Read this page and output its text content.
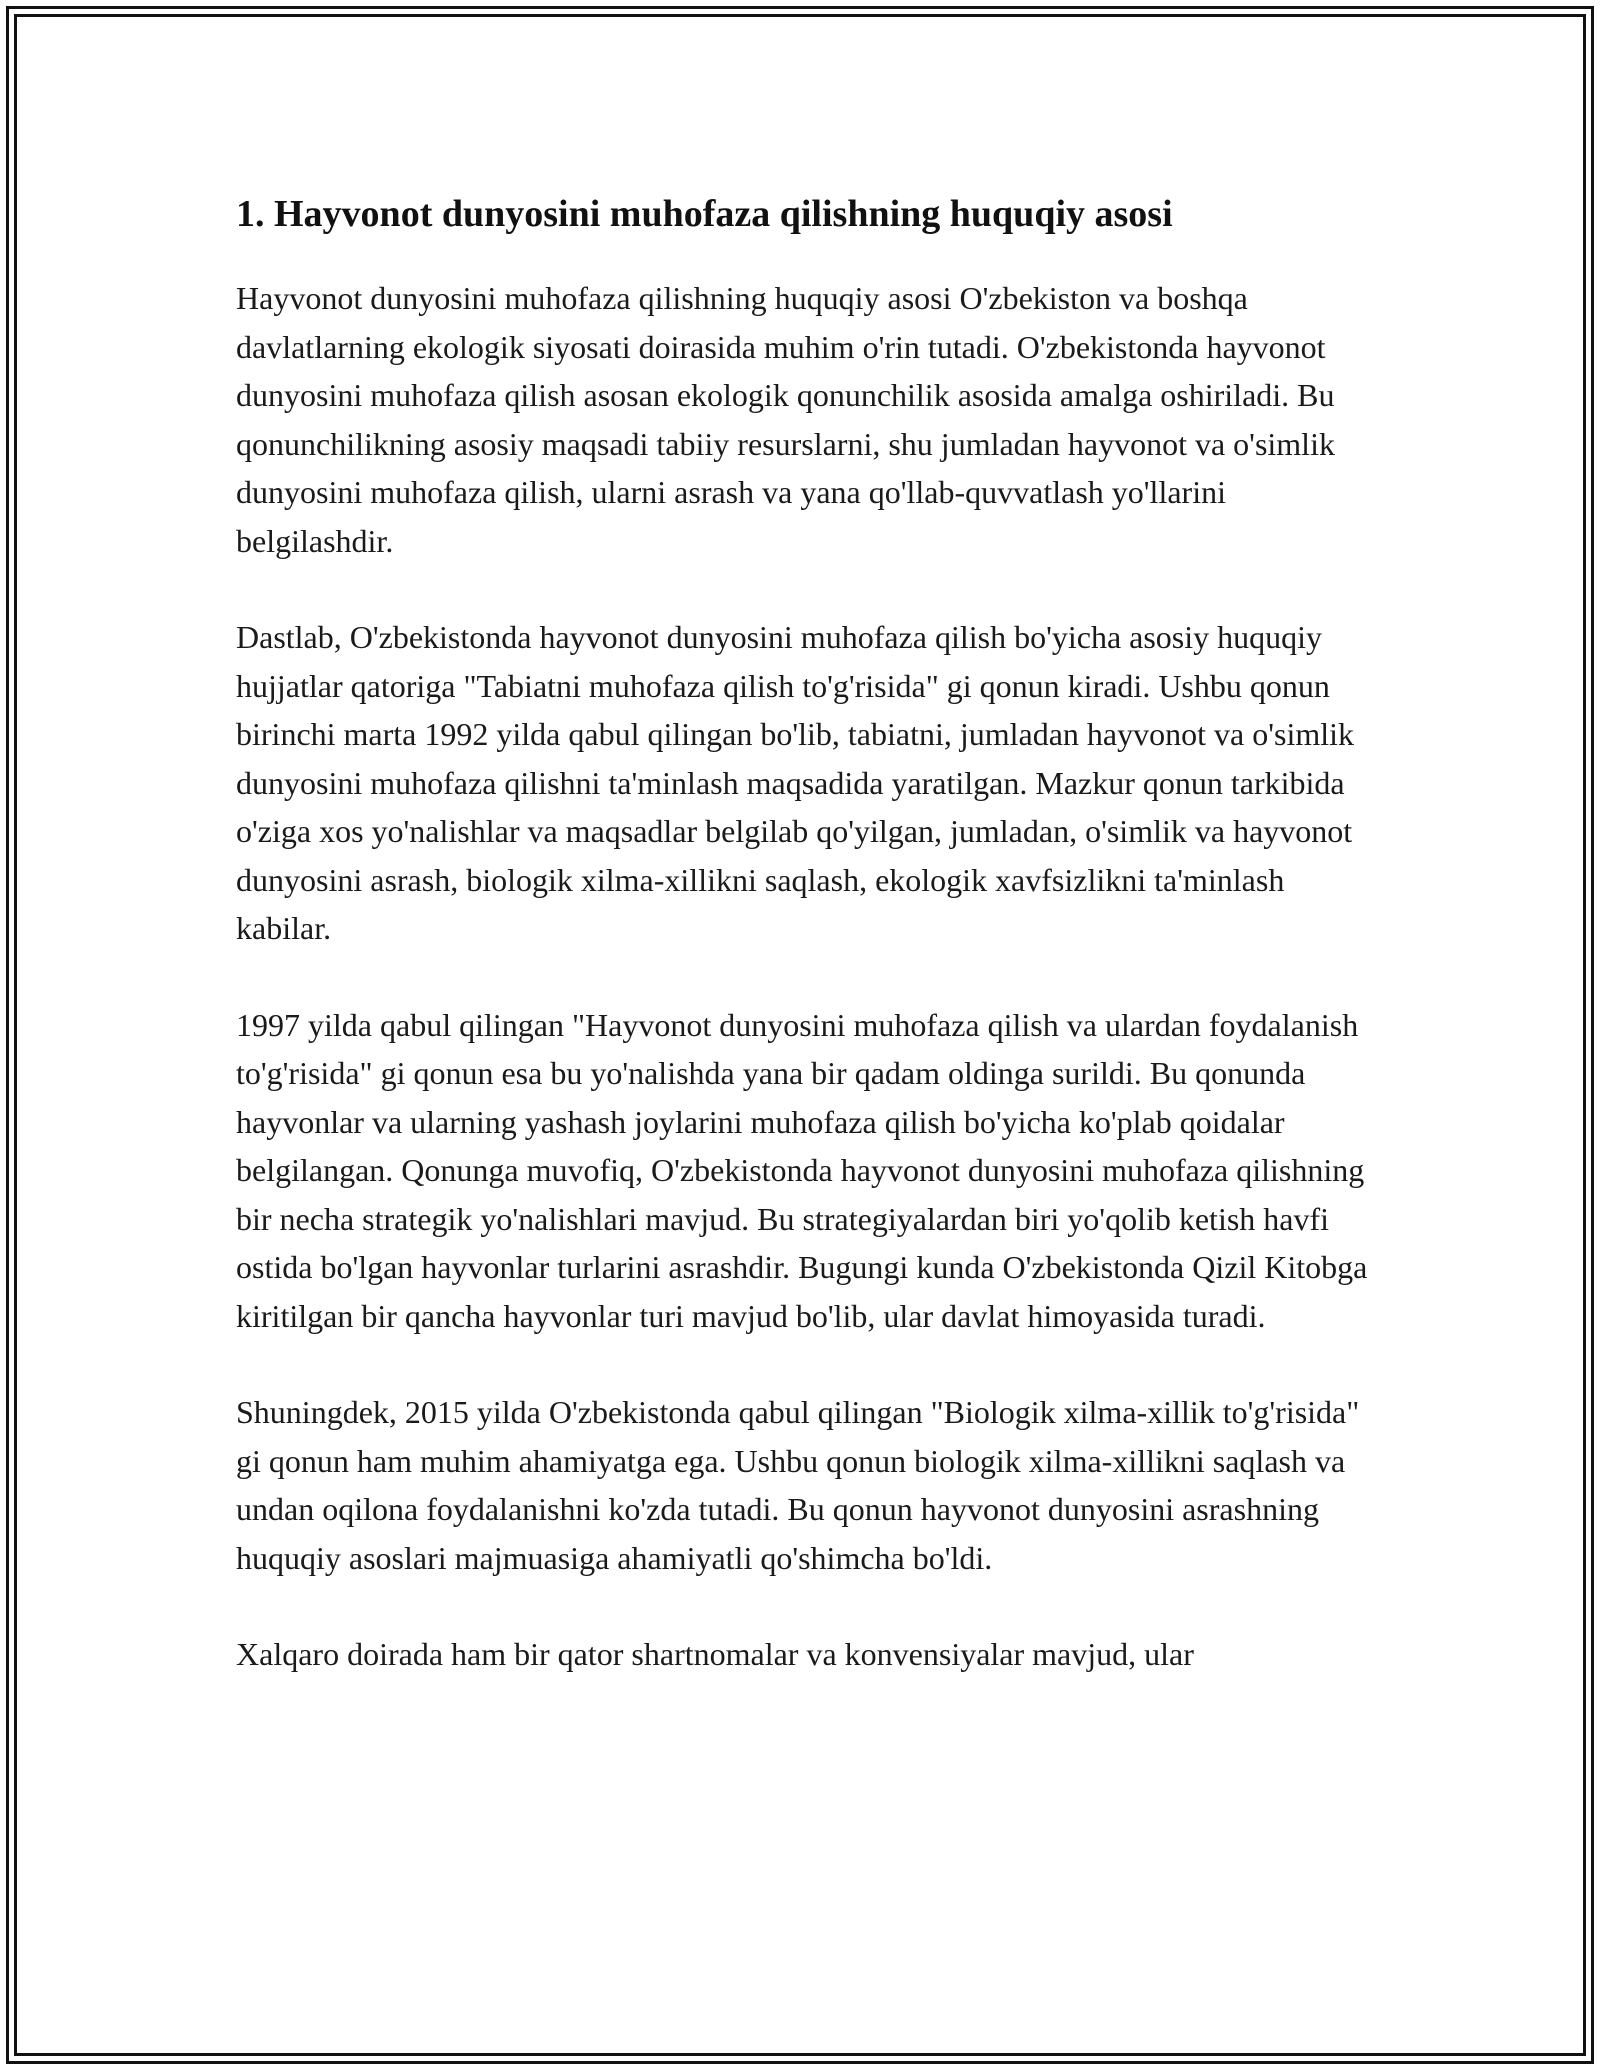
1. Hayvonot dunyosini muhofaza qilishning huquqiy asosi

Hayvonot dunyosini muhofaza qilishning huquqiy asosi O'zbekiston va boshqa davlatlarning ekologik siyosati doirasida muhim o'rin tutadi. O'zbekistonda hayvonot dunyosini muhofaza qilish asosan ekologik qonunchilik asosida amalga oshiriladi. Bu qonunchilikning asosiy maqsadi tabiiy resurslarni, shu jumladan hayvonot va o'simlik dunyosini muhofaza qilish, ularni asrash va yana qo'llab-quvvatlash yo'llarini belgilashdir.

Dastlab, O'zbekistonda hayvonot dunyosini muhofaza qilish bo'yicha asosiy huquqiy hujjatlar qatoriga "Tabiatni muhofaza qilish to'g'risida" gi qonun kiradi. Ushbu qonun birinchi marta 1992 yilda qabul qilingan bo'lib, tabiatni, jumladan hayvonot va o'simlik dunyosini muhofaza qilishni ta'minlash maqsadida yaratilgan. Mazkur qonun tarkibida o'ziga xos yo'nalishlar va maqsadlar belgilab qo'yilgan, jumladan, o'simlik va hayvonot dunyosini asrash, biologik xilma-xillikni saqlash, ekologik xavfsizlikni ta'minlash kabilar.

1997 yilda qabul qilingan "Hayvonot dunyosini muhofaza qilish va ulardan foydalanish to'g'risida" gi qonun esa bu yo'nalishda yana bir qadam oldinga surildi. Bu qonunda hayvonlar va ularning yashash joylarini muhofaza qilish bo'yicha ko'plab qoidalar belgilangan. Qonunga muvofiq, O'zbekistonda hayvonot dunyosini muhofaza qilishning bir necha strategik yo'nalishlari mavjud. Bu strategiyalardan biri yo'qolib ketish havfi ostida bo'lgan hayvonlar turlarini asrashdir. Bugungi kunda O'zbekistonda Qizil Kitobga kiritilgan bir qancha hayvonlar turi mavjud bo'lib, ular davlat himoyasida turadi.

Shuningdek, 2015 yilda O'zbekistonda qabul qilingan "Biologik xilma-xillik to'g'risida" gi qonun ham muhim ahamiyatga ega. Ushbu qonun biologik xilma-xillikni saqlash va undan oqilona foydalanishni ko'zda tutadi. Bu qonun hayvonot dunyosini asrashning huquqiy asoslari majmuasiga ahamiyatli qo'shimcha bo'ldi.

Xalqaro doirada ham bir qator shartnomalar va konvensiyalar mavjud, ular
